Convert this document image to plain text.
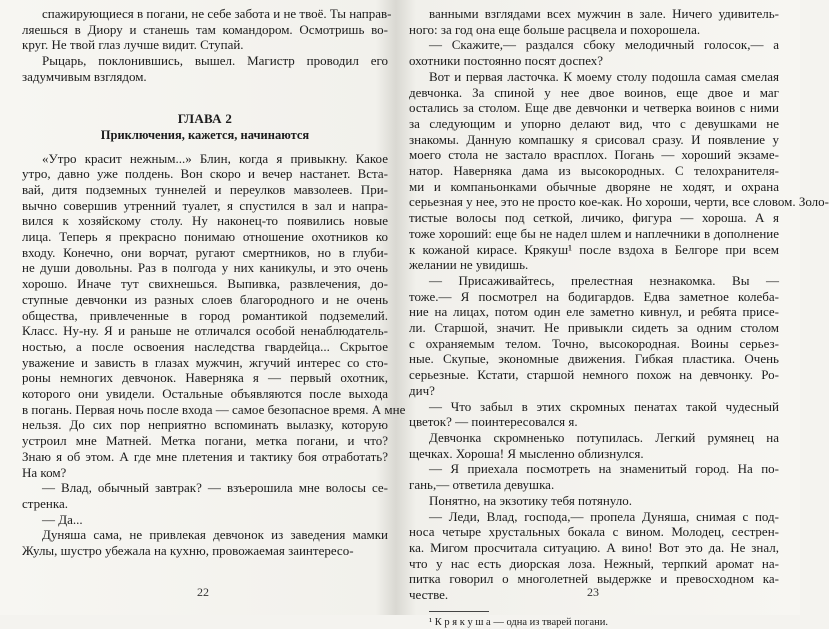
спажирующиеся в погани, не себе забота и не твоё. Ты направ-

ляешься в Диору и станешь там командором. Осмотришь во-

круг. Не твой глаз лучше видит. Ступай.

Рыцарь, поклонившись, вышел. Магистр проводил его

задумчивым взглядом.

ГЛАВА 2

Приключения, кажется, начинаются

«Утро красит нежным...» Блин, когда я привыкну. Какое

утро, давно уже полдень. Вон скоро и вечер настанет. Вста-

вай, дитя подземных туннелей и переулков мавзолеев. При-

вычно совершив утренний туалет, я спустился в зал и напра-

вился к хозяйскому столу. Ну наконец-то появились новые

лица. Теперь я прекрасно понимаю отношение охотников ко

входу. Конечно, они ворчат, ругают смертников, но в глуби-

не души довольны. Раз в полгода у них каникулы, и это очень

хорошо. Иначе тут свихнешься. Выпивка, развлечения, до-

ступные девчонки из разных слоев благородного и не очень

общества, привлеченные в город романтикой подземелий.

Класс. Ну-ну. Я и раньше не отличался особой ненаблюдатель-

ностью, а после освоения наследства гвардейца... Скрытое

уважение и зависть в глазах мужчин, жгучий интерес со сто-

роны немногих девчонок. Наверняка я — первый охотник,

которого они увидели. Остальные объявляются после выхода

в погань. Первая ночь после входа — самое безопасное время. А мне

нельзя. До сих пор неприятно вспоминать вылазку, которую

устроил мне Матней. Метка погани, метка погани, и что?

Знаю я об этом. А где мне плетения и тактику боя отработать?

На ком?

— Влад, обычный завтрак? — взъерошила мне волосы се-

стренка.

— Да...

Дуняша сама, не привлекая девчонок из заведения мамки

Жулы, шустро убежала на кухню, провожаемая заинтересо-

22

ванными взглядами всех мужчин в зале. Ничего удивитель-

ного: за год она еще больше расцвела и похорошела.

— Скажите,— раздался сбоку мелодичный голосок,— а

охотники постоянно посят доспех?

Вот и первая ласточка. К моему столу подошла самая смелая

девчонка. За спиной у нее двое воинов, еще двое и маг

остались за столом. Еще две девчонки и четверка воинов с ними

за следующим и упорно делают вид, что с девушками не

знакомы. Данную компашку я срисовал сразу. И появление у

моего стола не застало врасплох. Погань — хороший экзаме-

натор. Наверняка дама из высокородных. С телохранителя-

ми и компаньонками обычные дворяне не ходят, и охрана

серьезная у нее, это не просто кое-как. Но хороши, черти, все словом. Золо-

тистые волосы под сеткой, личико, фигура — хороша. А я

тоже хороший: еще бы не надел шлем и наплечники в дополнение

к кожаной кирасе. Крякуш¹ после вздоха в Белгоре при всем

желании не увидишь.

— Присаживайтесь, прелестная незнакомка. Вы —

тоже.— Я посмотрел на бодигардов. Едва заметное колеба-

ние на лицах, потом один еле заметно кивнул, и ребята присе-

ли. Старшой, значит. Не привыкли сидеть за одним столом

с охраняемым телом. Точно, высокородная. Воины серьез-

ные. Скупые, экономные движения. Гибкая пластика. Очень

серьезные. Кстати, старшой немного похож на девчонку. Ро-

дич?

— Что забыл в этих скромных пенатах такой чудесный

цветок? — поинтересовался я.

Девчонка скромненько потупилась. Легкий румянец на

щечках. Хороша! Я мысленно облизнулся.

— Я приехала посмотреть на знаменитый город. На по-

гань,— ответила девушка.

Понятно, на экзотику тебя потянуло.

— Леди, Влад, господа,— пропела Дуняша, снимая с под-

носа четыре хрустальных бокала с вином. Молодец, сестрен-

ка. Мигом просчитала ситуацию. А вино! Вот это да. Не знал,

что у нас есть диорская лоза. Нежный, терпкий аромат на-

питка говорил о многолетней выдержке и превосходном ка-

честве.

¹ К р я к у ш а — одна из тварей погани.

23
